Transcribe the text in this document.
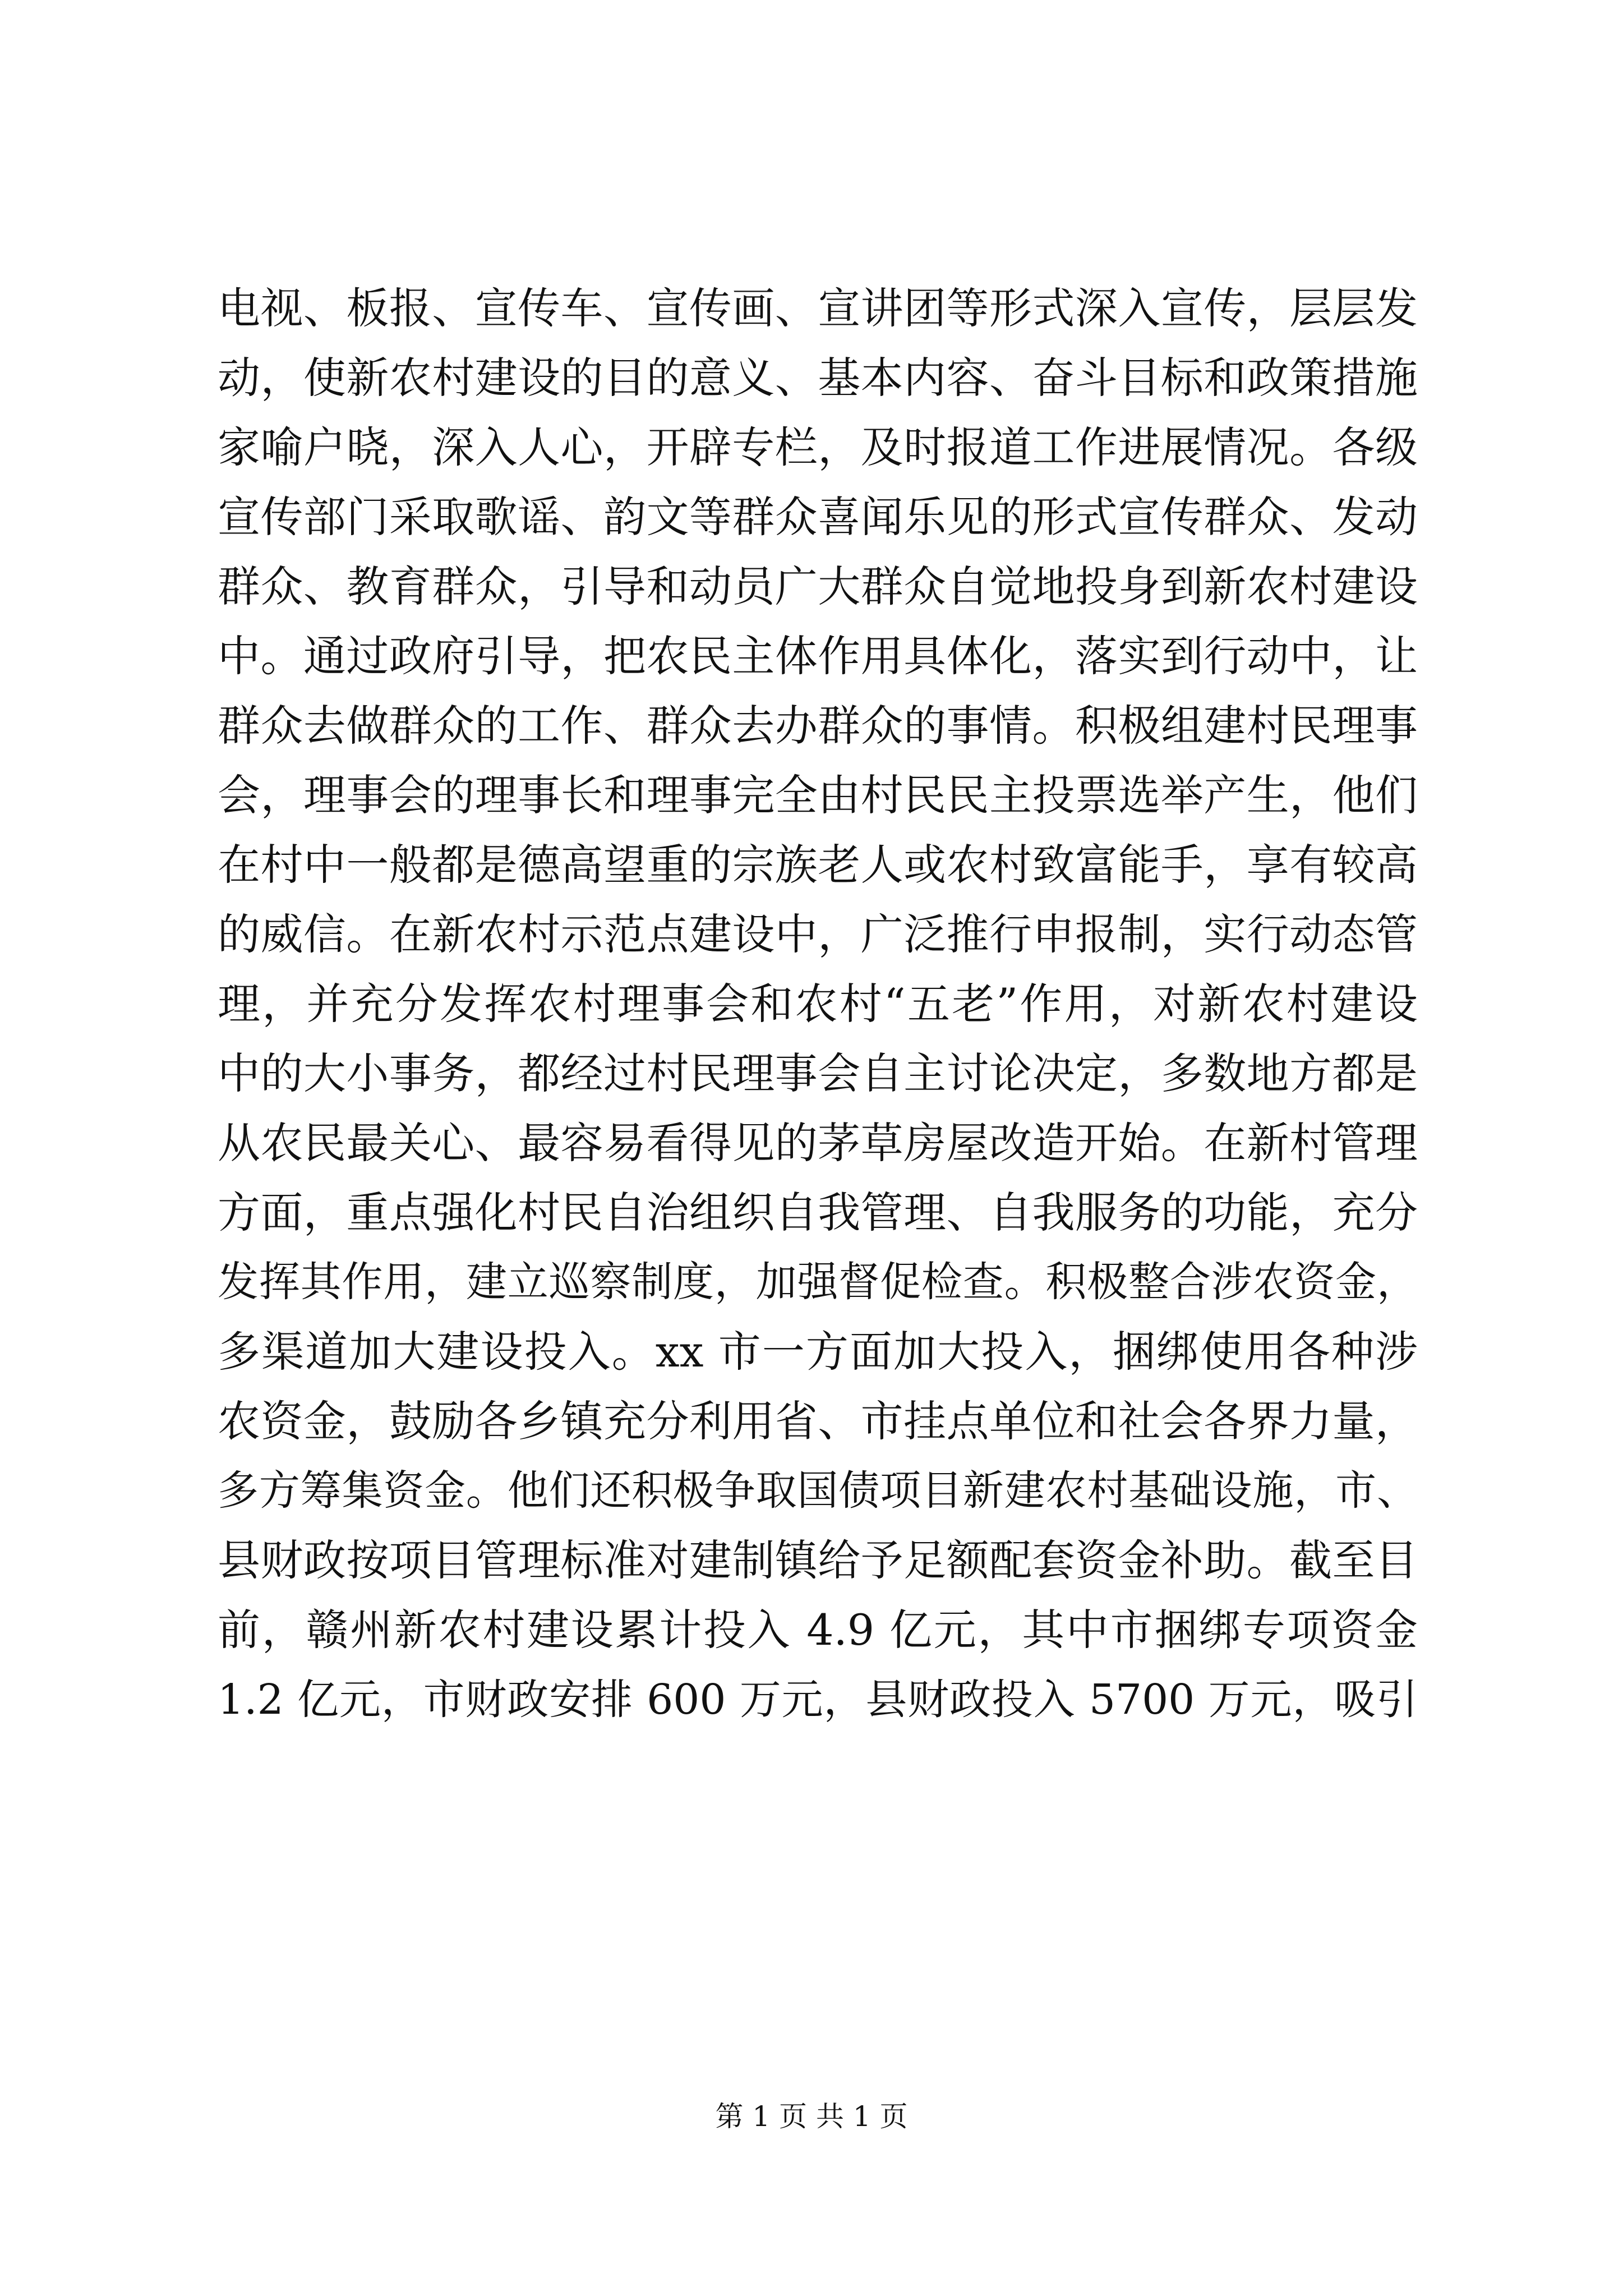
电视、板报、宣传车、宣传画、宣讲团等形式深入宣传，层层发
动，使新农村建设的目的意义、基本内容、奋斗目标和政策措施
家喻户晓，深入人心，开辟专栏，及时报道工作进展情况。各级
宣传部门采取歌谣、韵文等群众喜闻乐见的形式宣传群众、发动
群众、教育群众，引导和动员广大群众自觉地投身到新农村建设
中。通过政府引导，把农民主体作用具体化，落实到行动中，让
群众去做群众的工作、群众去办群众的事情。积极组建村民理事
会，理事会的理事长和理事完全由村民民主投票选举产生，他们
在村中一般都是德高望重的宗族老人或农村致富能手，享有较高
的威信。在新农村示范点建设中，广泛推行申报制，实行动态管
理，并充分发挥农村理事会和农村“五老”作用，对新农村建设
中的大小事务，都经过村民理事会自主讨论决定，多数地方都是
从农民最关心、最容易看得见的茅草房屋改造开始。在新村管理
方面，重点强化村民自治组织自我管理、自我服务的功能，充分
发挥其作用，建立巡察制度，加强督促检查。积极整合涉农资金，
多渠道加大建设投入。xx 市一方面加大投入，捆绑使用各种涉
农资金，鼓励各乡镇充分利用省、市挂点单位和社会各界力量，
多方筹集资金。他们还积极争取国债项目新建农村基础设施，市、
县财政按项目管理标准对建制镇给予足额配套资金补助。截至目
前，赣州新农村建设累计投入 4.9 亿元，其中市捆绑专项资金
1.2 亿元，市财政安排 600 万元，县财政投入 5700 万元，吸引
第 1 页 共 1 页
